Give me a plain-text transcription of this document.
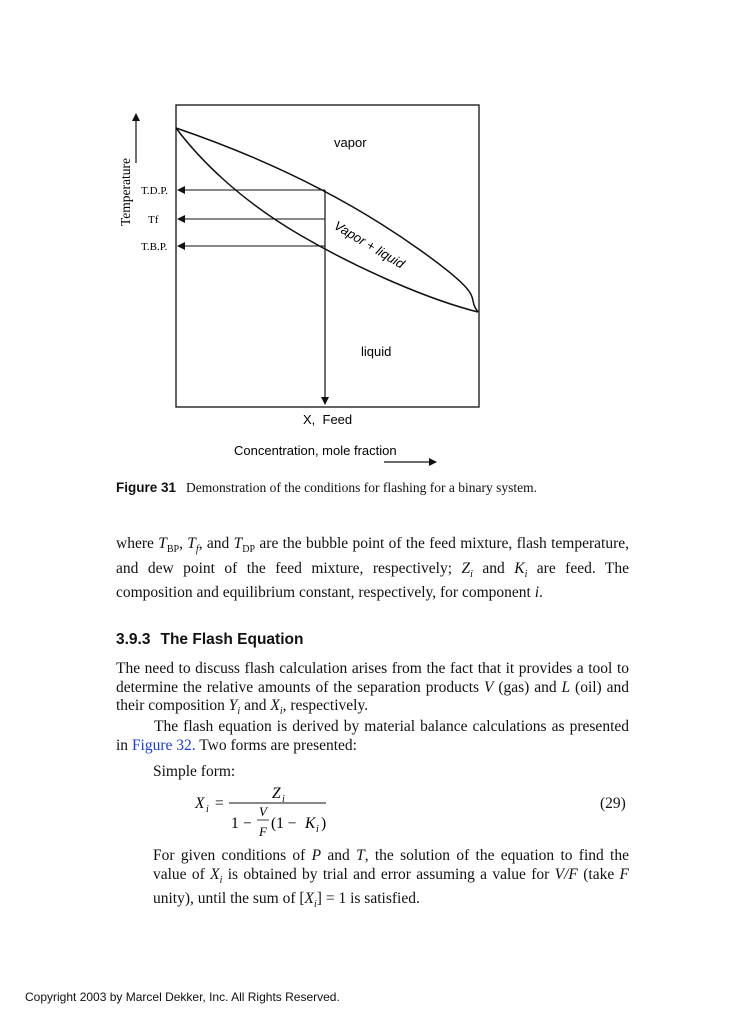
vapor
Vapor + liquid
liquid
Temperature
Concentration, mole fraction
X,  Feed
T.D.P.
Tf
T.B.P.
Figure 31 Demonstration of the conditions for flashing for a binary system.
where $T_{BP}$, $T_f$, and $T_{DP}$ are the bubble point of the feed mixture, flash temperature, and dew point of the feed mixture, respectively; $Z_i$ and $K_i$ are feed. The composition and equilibrium constant, respectively, for component i.
3.9.3 The Flash Equation
The need to discuss flash calculation arises from the fact that it provides a tool to determine the relative amounts of the separation products V (gas) and L (oil) and their composition $Y_i$ and $X_i$, respectively.
The flash equation is derived by material balance calculations as presented in Figure 32. Two forms are presented:
Simple form:
X i =
Z i
1 −
V
F (1 − K i )
(29)
For given conditions of P and T, the solution of the equation to find the value of $X_i$ is obtained by trial and error assuming a value for V/F (take F unity), until the sum of $[X_i] = 1$ is satisfied.
Copyright 2003 by Marcel Dekker, Inc. All Rights Reserved.
